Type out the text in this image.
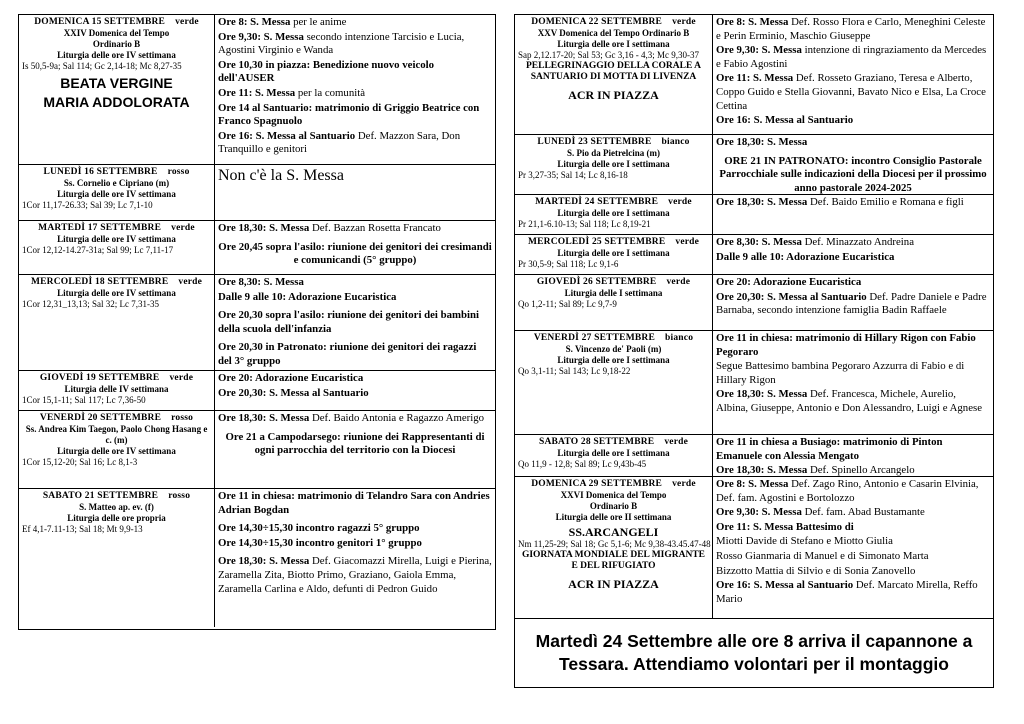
DOMENICA 15 SETTEMBRE verde
XXIV Domenica del Tempo
Ordinario B
Liturgia delle ore IV settimana
Is 50,5-9a; Sal 114; Gc 2,14-18; Mc 8,27-35
BEATA VERGINE
MARIA ADDOLORATA

Ore 8: S. Messa per le anime

Ore 9,30: S. Messa secondo intenzione Tarcisio e Lucia, Agostini Virginio e Wanda

Ore 10,30 in piazza: Benedizione nuovo veicolo dell'AUSER

Ore 11: S. Messa per la comunità

Ore 14 al Santuario: matrimonio di Griggio Beatrice con Franco Spagnuolo

Ore 16: S. Messa al Santuario Def. Mazzon Sara, Don Tranquillo e genitori

LUNEDÌ 16 SETTEMBRE rosso
Ss. Cornelio e Cipriano (m)
Liturgia delle ore IV settimana
1Cor 11,17-26.33; Sal 39; Lc 7,1-10

Non c'è la S. Messa

MARTEDÌ 17 SETTEMBRE verde
Liturgia delle ore IV settimana
1Cor 12,12-14.27-31a; Sal 99; Lc 7,11-17

Ore 18,30: S. Messa Def. Bazzan Rosetta Francato

Ore 20,45 sopra l'asilo: riunione dei genitori dei cresimandi e comunicandi (5° gruppo)

MERCOLEDÌ 18 SETTEMBRE verde
Liturgia delle ore IV settimana
1Cor 12,31_13,13; Sal 32; Lc 7,31-35

Ore 8,30: S. Messa

Dalle 9 alle 10: Adorazione Eucaristica

Ore 20,30 sopra l'asilo: riunione dei genitori dei bambini della scuola dell'infanzia

Ore 20,30 in Patronato: riunione dei genitori dei ragazzi del 3° gruppo

GIOVEDÌ 19 SETTEMBRE verde
Liturgia delle IV settimana
1Cor 15,1-11; Sal 117; Lc 7,36-50

Ore 20: Adorazione Eucaristica

Ore 20,30: S. Messa al Santuario

VENERDÌ 20 SETTEMBRE rosso
Ss. Andrea Kim Taegon, Paolo Chong Hasang e c. (m)
Liturgia delle ore IV settimana
1Cor 15,12-20; Sal 16; Lc 8,1-3

Ore 18,30: S. Messa Def. Baido Antonia e Ragazzo Amerigo

Ore 21 a Campodarsego: riunione dei Rappresentanti di ogni parrocchia del territorio con la Diocesi

SABATO 21 SETTEMBRE rosso
S. Matteo ap. ev. (f)
Liturgia delle ore propria
Ef 4,1-7.11-13; Sal 18; Mt 9,9-13

Ore 11 in chiesa: matrimonio di Telandro Sara con Andries Adrian Bogdan

Ore 14,30÷15,30 incontro ragazzi 5° gruppo

Ore 14,30÷15,30 incontro genitori 1° gruppo

Ore 18,30: S. Messa Def. Giacomazzi Mirella, Luigi e Pierina, Zaramella Zita, Biotto Primo, Graziano, Gaiola Emma, Zaramella Carlina e Aldo, defunti di Pedron Guido

DOMENICA 22 SETTEMBRE verde
XXV Domenica del Tempo Ordinario B
Liturgia delle ore I settimana
Sap 2,12.17-20; Sal 53; Gc 3,16 - 4,3; Mc 9,30-37
PELLEGRINAGGIO DELLA CORALE A SANTUARIO DI MOTTA DI LIVENZA
ACR IN PIAZZA

Ore 8: S. Messa Def. Rosso Flora e Carlo, Meneghini Celeste e Perin Erminio, Maschio Giuseppe

Ore 9,30: S. Messa intenzione di ringraziamento da Mercedes e Fabio Agostini

Ore 11: S. Messa Def. Rosseto Graziano, Teresa e Alberto, Coppo Guido e Stella Giovanni, Bavato Nico e Elsa, La Croce Cettina

Ore 16: S. Messa al Santuario

LUNEDÌ 23 SETTEMBRE bianco
S. Pio da Pietrelcina (m)
Liturgia delle ore I settimana
Pr 3,27-35; Sal 14; Lc 8,16-18

Ore 18,30: S. Messa

ORE 21 IN PATRONATO: incontro Consiglio Pastorale Parrocchiale sulle indicazioni della Diocesi per il prossimo anno pastorale 2024-2025

MARTEDÌ 24 SETTEMBRE verde
Liturgia delle ore I settimana
Pr 21,1-6.10-13; Sal 118; Lc 8,19-21

Ore 18,30: S. Messa Def. Baido Emilio e Romana e figli

MERCOLEDÌ 25 SETTEMBRE verde
Liturgia delle ore I settimana
Pr 30,5-9; Sal 118; Lc 9,1-6

Ore 8,30: S. Messa Def. Minazzato Andreina

Dalle 9 alle 10: Adorazione Eucaristica

GIOVEDÌ 26 SETTEMBRE verde
Liturgia delle I settimana
Qo 1,2-11; Sal 89; Lc 9,7-9

Ore 20: Adorazione Eucaristica

Ore 20,30: S. Messa al Santuario Def. Padre Daniele e Padre Barnaba, secondo intenzione famiglia Badin Raffaele

VENERDÌ 27 SETTEMBRE bianco
S. Vincenzo de' Paoli (m)
Liturgia delle ore I settimana
Qo 3,1-11; Sal 143; Lc 9,18-22

Ore 11 in chiesa: matrimonio di Hillary Rigon con Fabio Pegoraro

Segue Battesimo bambina Pegoraro Azzurra di Fabio e di Hillary Rigon

Ore 18,30: S. Messa Def. Francesca, Michele, Aurelio, Albina, Giuseppe, Antonio e Don Alessandro, Luigi e Agnese

SABATO 28 SETTEMBRE verde
Liturgia delle ore I settimana
Qo 11,9 - 12,8; Sal 89; Lc 9,43b-45

Ore 11 in chiesa a Busiago: matrimonio di Pinton Emanuele con Alessia Mengato

Ore 18,30: S. Messa Def. Spinello Arcangelo

DOMENICA 29 SETTEMBRE verde
XXVI Domenica del Tempo
Ordinario B
Liturgia delle ore II settimana
SS.ARCANGELI
Nm 11,25-29; Sal 18; Gc 5,1-6; Mc 9,38-43.45.47-48
GIORNATA MONDIALE DEL MIGRANTE E DEL RIFUGIATO
ACR IN PIAZZA

Ore 8: S. Messa Def. Zago Rino, Antonio e Casarin Elvinia, Def. fam. Agostini e Bortolozzo

Ore 9,30: S. Messa Def. fam. Abad Bustamante

Ore 11: S. Messa Battesimo di

Miotti Davide di Stefano e Miotto Giulia

Rosso Gianmaria di Manuel e di Simonato Marta

Bizzotto Mattia di Silvio e di Sonia Zanovello

Ore 16: S. Messa al Santuario Def. Marcato Mirella, Reffo Mario

Martedì 24 Settembre alle ore 8 arriva il capannone a
Tessara. Attendiamo volontari per il montaggio
